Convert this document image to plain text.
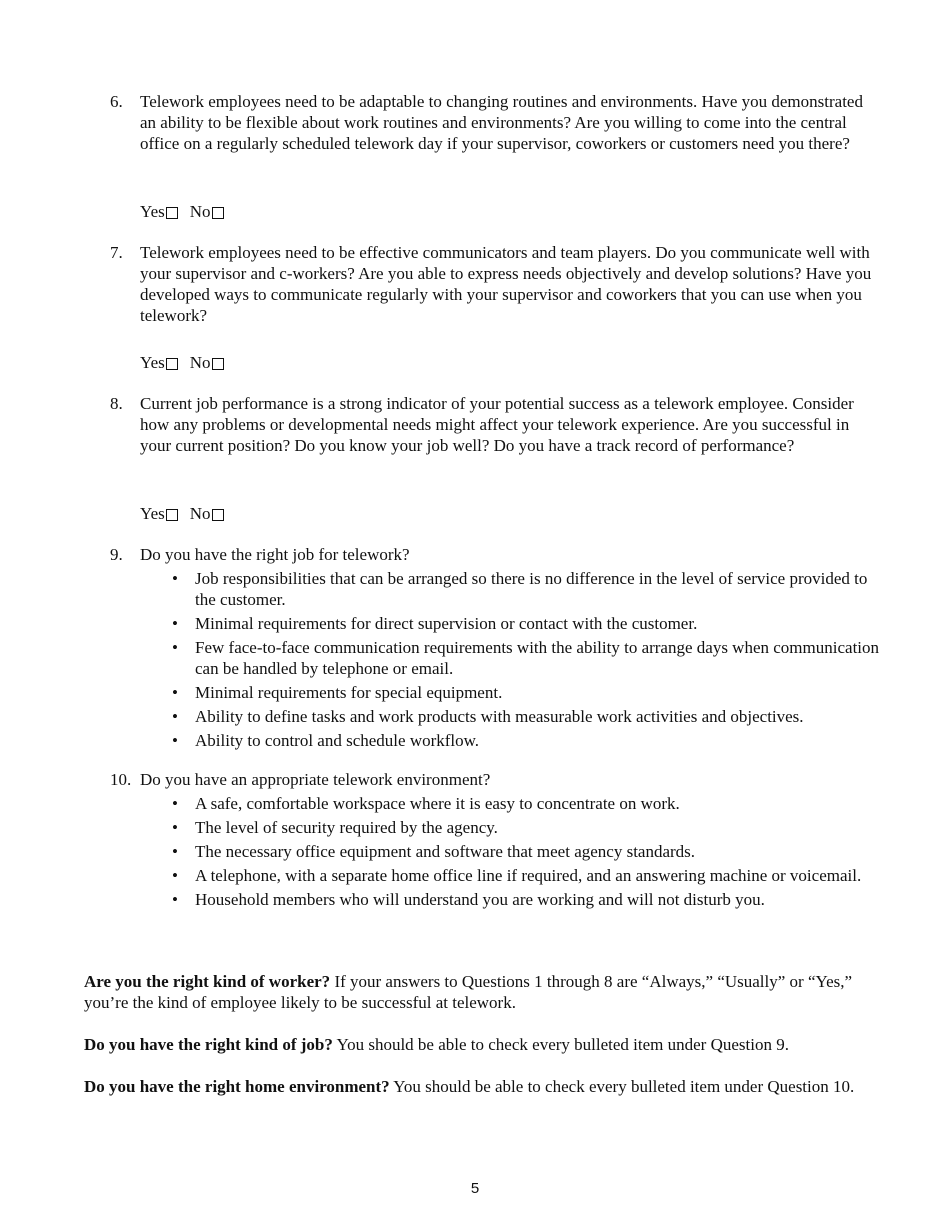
6.	Telework employees need to be adaptable to changing routines and environments. Have you demonstrated an ability to be flexible about work routines and environments? Are you willing to come into the central office on a regularly scheduled telework day if your supervisor, coworkers or customers need you there?
Yes No
7.	Telework employees need to be effective communicators and team players. Do you communicate well with your supervisor and c-workers? Are you able to express needs objectively and develop solutions? Have you developed ways to communicate regularly with your supervisor and coworkers that you can use when you telework?
Yes No
8.	Current job performance is a strong indicator of your potential success as a telework employee. Consider how any problems or developmental needs might affect your telework experience. Are you successful in your current position? Do you know your job well? Do you have a track record of performance?
Yes No
9.	Do you have the right job for telework?
• Job responsibilities that can be arranged so there is no difference in the level of service provided to the customer.
• Minimal requirements for direct supervision or contact with the customer.
• Few face-to-face communication requirements with the ability to arrange days when communication can be handled by telephone or email.
• Minimal requirements for special equipment.
• Ability to define tasks and work products with measurable work activities and objectives.
• Ability to control and schedule workflow.
10. Do you have an appropriate telework environment?
• A safe, comfortable workspace where it is easy to concentrate on work.
• The level of security required by the agency.
• The necessary office equipment and software that meet agency standards.
• A telephone, with a separate home office line if required, and an answering machine or voicemail.
• Household members who will understand you are working and will not disturb you.
Are you the right kind of worker? If your answers to Questions 1 through 8 are “Always,” “Usually” or “Yes,” you’re the kind of employee likely to be successful at telework.
Do you have the right kind of job? You should be able to check every bulleted item under Question 9.
Do you have the right home environment? You should be able to check every bulleted item under Question 10.
5
